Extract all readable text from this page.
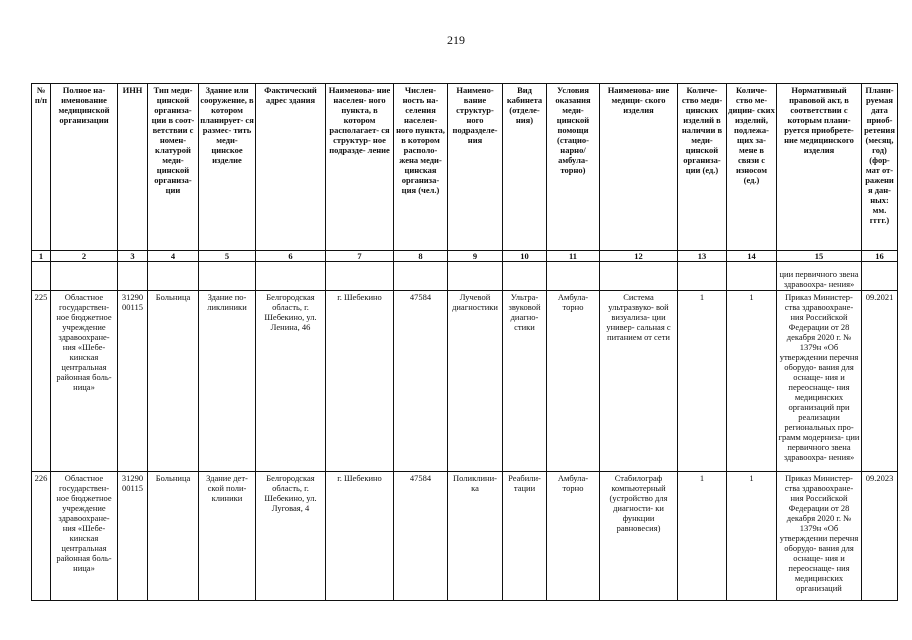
219
№ п/п	Полное на- именование медицинской организации	ИНН	Тип меди- цинской организа- ции в соот- ветствии с номен- клатурой меди- цинской организа- ции	Здание или сооружение, в котором планирует- ся размес- тить меди- цинское изделие	Фактический адрес здания	Наименова- ние населен- ного пункта, в котором располагает- ся структур- ное подразде- ление	Числен- ность на- селения населен- ного пункта, в котором располо- жена меди- цинская организа- ция (чел.)	Наимено- вание структур- ного подразделе- ния	Вид кабинета (отделе- ния)	Условия оказания меди- цинской помощи (стацио- нарно/ амбула- торно)	Наименова- ние медици- ского изделия	Количе- ство меди- цинских изделий в наличии в меди- цинской организа- ции (ед.)	Количе- ство ме- дицин- ских изделий, подлежа- щих за- мене в связи с износом (ед.)	Нормативный правовой акт, в соответствии с которым плани- руется приобрете- ние медицинского изделия	Плани- руемая дата приоб- ретения (месяц, год) (фор- мат от- ражения дан- ных: мм. гггг.)
1	2	3	4	5	6	7	8	9	10	11	12	13	14	15	16
														ции первичного звена здравоохра- нения»	
225	Областное государствен- ное бюджетное учреждение здравоохране- ния «Шебе- кинская центральная районная боль- ница»	31290 00115	Больница	Здание по- ликлиники	Белгородская область, г. Шебекино, ул. Ленина, 46	г. Шебекино	47584	Лучевой диагностики	Ультра- звуковой диагно- стики	Амбула- торно	Система ультразвуко- вой визуализа- ции универ- сальная с питанием от сети	1	1	Приказ Министер- ства здравоохране- ния Российской Федерации от 28 декабря 2020 г. № 1379н «Об утверждении перечня оборудо- вания для оснаще- ния и переоснаще- ния медицинских организаций при реализации региональных про- грамм модерниза- ции первичного звена здравоохра- нения»	09.2021
226	Областное государствен- ное бюджетное учреждение здравоохране- ния «Шебе- кинская центральная районная боль- ница»	31290 00115	Больница	Здание дет- ской поли- клиники	Белгородская область, г. Шебекино, ул. Луговая, 4	г. Шебекино	47584	Поликлини- ка	Реабили- тации	Амбула- торно	Стабилограф компьютерный (устройство для диагности- ки функции равновесия)	1	1	Приказ Министер- ства здравоохране- ния Российской Федерации от 28 декабря 2020 г. № 1379н «Об утверждении перечня оборудо- вания для оснаще- ния и переоснаще- ния медицинских организаций	09.2023
